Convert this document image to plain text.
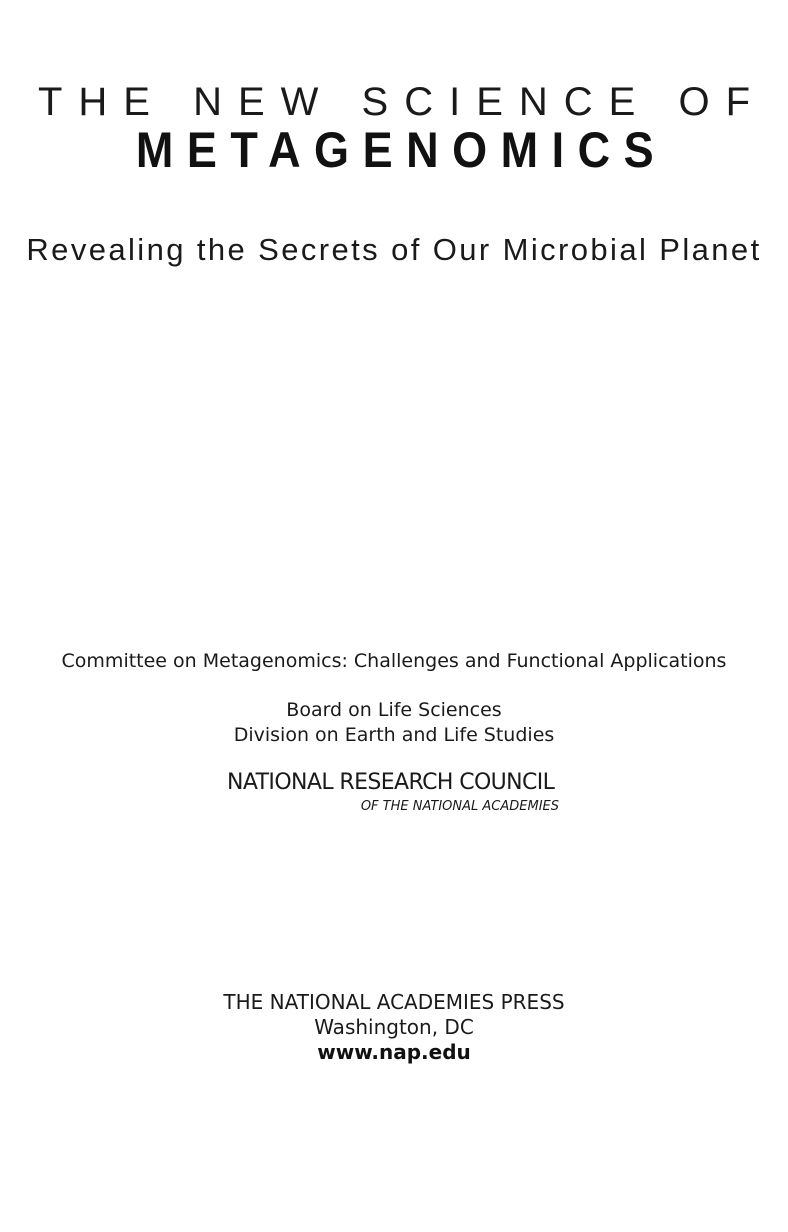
THE NEW SCIENCE OF
METAGENOMICS
Revealing the Secrets of Our Microbial Planet
Committee on Metagenomics: Challenges and Functional Applications
Board on Life Sciences
Division on Earth and Life Studies
NATIONAL RESEARCH COUNCIL
OF THE NATIONAL ACADEMIES
THE NATIONAL ACADEMIES PRESS
Washington, DC
www.nap.edu
